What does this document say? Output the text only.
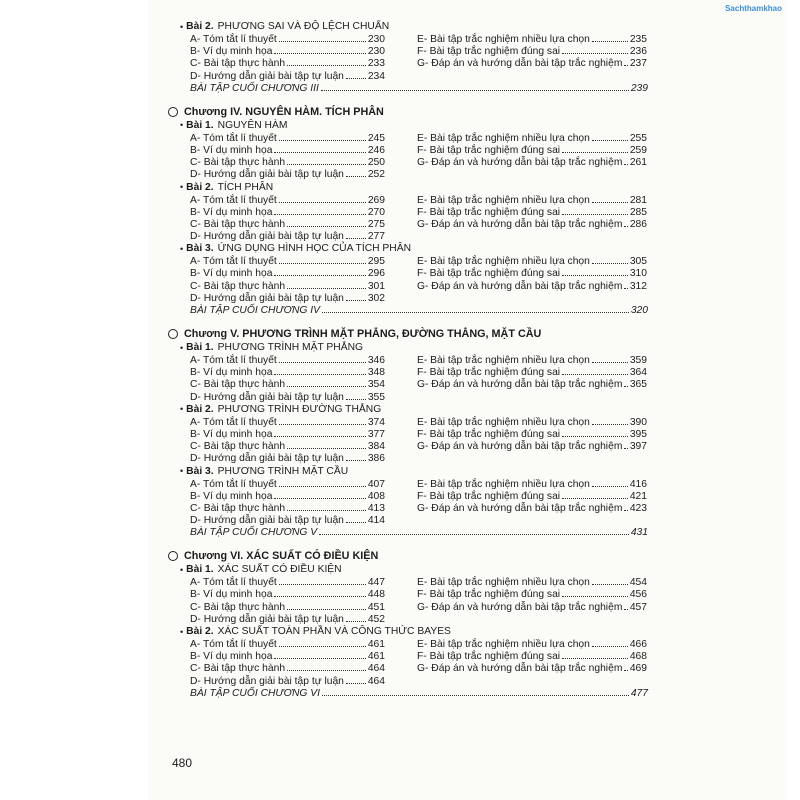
Sachthamkhao
• Bài 2. PHƯƠNG SAI VÀ ĐỘ LỆCH CHUẨN
A- Tóm tắt lí thuyết	230	E- Bài tập trắc nghiệm nhiều lựa chọn	235
B- Ví dụ minh họa	230	F- Bài tập trắc nghiệm đúng sai	236
C- Bài tập thực hành	233	G- Đáp án và hướng dẫn bài tập trắc nghiệm 237
D- Hướng dẫn giải bài tập tự luận 234
BÀI TẬP CUỐI CHƯƠNG III	239
Chương IV. NGUYÊN HÀM. TÍCH PHÂN
• Bài 1. NGUYÊN HÀM
A- Tóm tắt lí thuyết	245	E- Bài tập trắc nghiệm nhiều lựa chọn	255
B- Ví dụ minh họa	246	F- Bài tập trắc nghiệm đúng sai	259
C- Bài tập thực hành	250	G- Đáp án và hướng dẫn bài tập trắc nghiệm 261
D- Hướng dẫn giải bài tập tự luận 252
• Bài 2. TÍCH PHÂN
A- Tóm tắt lí thuyết	269	E- Bài tập trắc nghiệm nhiều lựa chọn	281
B- Ví dụ minh họa	270	F- Bài tập trắc nghiệm đúng sai	285
C- Bài tập thực hành	275	G- Đáp án và hướng dẫn bài tập trắc nghiệm 286
D- Hướng dẫn giải bài tập tự luận 277
• Bài 3. ỨNG DỤNG HÌNH HỌC CỦA TÍCH PHÂN
A- Tóm tắt lí thuyết	295	E- Bài tập trắc nghiệm nhiều lựa chọn	305
B- Ví dụ minh họa	296	F- Bài tập trắc nghiệm đúng sai	310
C- Bài tập thực hành	301	G- Đáp án và hướng dẫn bài tập trắc nghiệm 312
D- Hướng dẫn giải bài tập tự luận 302
BÀI TẬP CUỐI CHƯƠNG IV	320
Chương V. PHƯƠNG TRÌNH MẶT PHẲNG, ĐƯỜNG THẲNG, MẶT CẦU
• Bài 1. PHƯƠNG TRÌNH MẶT PHẲNG
A- Tóm tắt lí thuyết	346	E- Bài tập trắc nghiệm nhiều lựa chọn	359
B- Ví dụ minh họa	348	F- Bài tập trắc nghiệm đúng sai	364
C- Bài tập thực hành	354	G- Đáp án và hướng dẫn bài tập trắc nghiệm 365
D- Hướng dẫn giải bài tập tự luận 355
• Bài 2. PHƯƠNG TRÌNH ĐƯỜNG THẲNG
A- Tóm tắt lí thuyết	374	E- Bài tập trắc nghiệm nhiều lựa chọn	390
B- Ví dụ minh họa	377	F- Bài tập trắc nghiệm đúng sai	395
C- Bài tập thực hành	384	G- Đáp án và hướng dẫn bài tập trắc nghiệm 397
D- Hướng dẫn giải bài tập tự luận 386
• Bài 3. PHƯƠNG TRÌNH MẶT CẦU
A- Tóm tắt lí thuyết	407	E- Bài tập trắc nghiệm nhiều lựa chọn	416
B- Ví dụ minh họa	408	F- Bài tập trắc nghiệm đúng sai	421
C- Bài tập thực hành	413	G- Đáp án và hướng dẫn bài tập trắc nghiệm 423
D- Hướng dẫn giải bài tập tự luận 414
BÀI TẬP CUỐI CHƯƠNG V	431
Chương VI. XÁC SUẤT CÓ ĐIỀU KIỆN
• Bài 1. XÁC SUẤT CÓ ĐIỀU KIỆN
A- Tóm tắt lí thuyết	447	E- Bài tập trắc nghiệm nhiều lựa chọn	454
B- Ví dụ minh họa	448	F- Bài tập trắc nghiệm đúng sai	456
C- Bài tập thực hành	451	G- Đáp án và hướng dẫn bài tập trắc nghiệm 457
D- Hướng dẫn giải bài tập tự luận 452
• Bài 2. XÁC SUẤT TOÀN PHẦN VÀ CÔNG THỨC BAYES
A- Tóm tắt lí thuyết	461	E- Bài tập trắc nghiệm nhiều lựa chọn	466
B- Ví dụ minh họa	461	F- Bài tập trắc nghiệm đúng sai	468
C- Bài tập thực hành	464	G- Đáp án và hướng dẫn bài tập trắc nghiệm 469
D- Hướng dẫn giải bài tập tự luận 464
BÀI TẬP CUỐI CHƯƠNG VI	477
480
